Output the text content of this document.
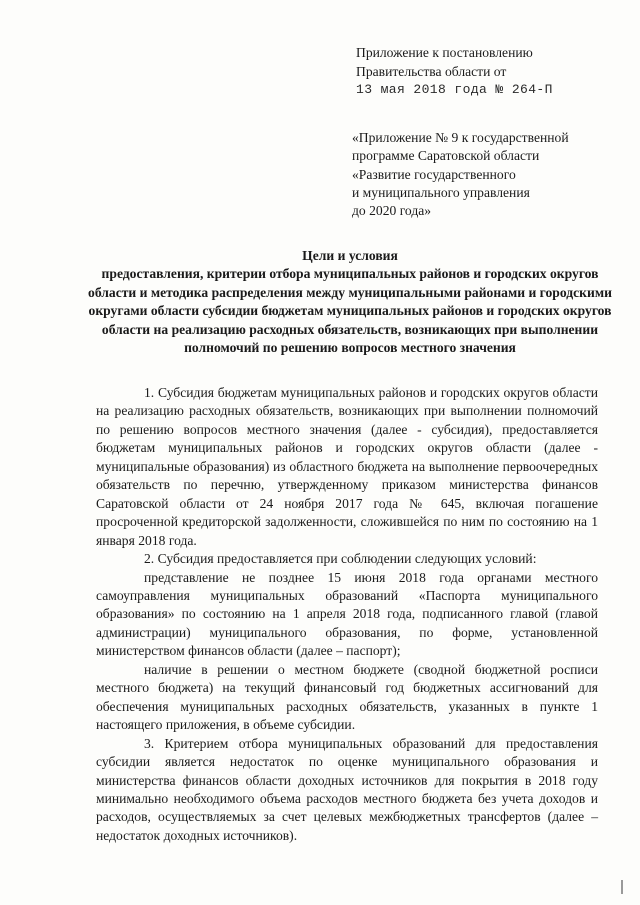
Приложение к постановлению
Правительства области от
13 мая 2018 года № 264-П
«Приложение № 9 к государственной
программе Саратовской области
«Развитие государственного
и муниципального управления
до 2020 года»
Цели и условия
предоставления, критерии отбора муниципальных районов и городских округов области и методика распределения между муниципальными районами и городскими округами области субсидии бюджетам муниципальных районов и городских округов области на реализацию расходных обязательств, возникающих при выполнении полномочий по решению вопросов местного значения

1. Субсидия бюджетам муниципальных районов и городских округов области на реализацию расходных обязательств, возникающих при выполнении полномочий по решению вопросов местного значения (далее - субсидия), предоставляется бюджетам муниципальных районов и городских округов области (далее - муниципальные образования) из областного бюджета на выполнение первоочередных обязательств по перечню, утвержденному приказом министерства финансов Саратовской области от 24 ноября 2017 года № 645, включая погашение просроченной кредиторской задолженности, сложившейся по ним по состоянию на 1 января 2018 года.

2. Субсидия предоставляется при соблюдении следующих условий:

представление не позднее 15 июня 2018 года органами местного самоуправления муниципальных образований «Паспорта муниципального образования» по состоянию на 1 апреля 2018 года, подписанного главой (главой администрации) муниципального образования, по форме, установленной министерством финансов области (далее – паспорт);

наличие в решении о местном бюджете (сводной бюджетной росписи местного бюджета) на текущий финансовый год бюджетных ассигнований для обеспечения муниципальных расходных обязательств, указанных в пункте 1 настоящего приложения, в объеме субсидии.

3. Критерием отбора муниципальных образований для предоставления субсидии является недостаток по оценке муниципального образования и министерства финансов области доходных источников для покрытия в 2018 году минимально необходимого объема расходов местного бюджета без учета доходов и расходов, осуществляемых за счет целевых межбюджетных трансфертов (далее – недостаток доходных источников).
